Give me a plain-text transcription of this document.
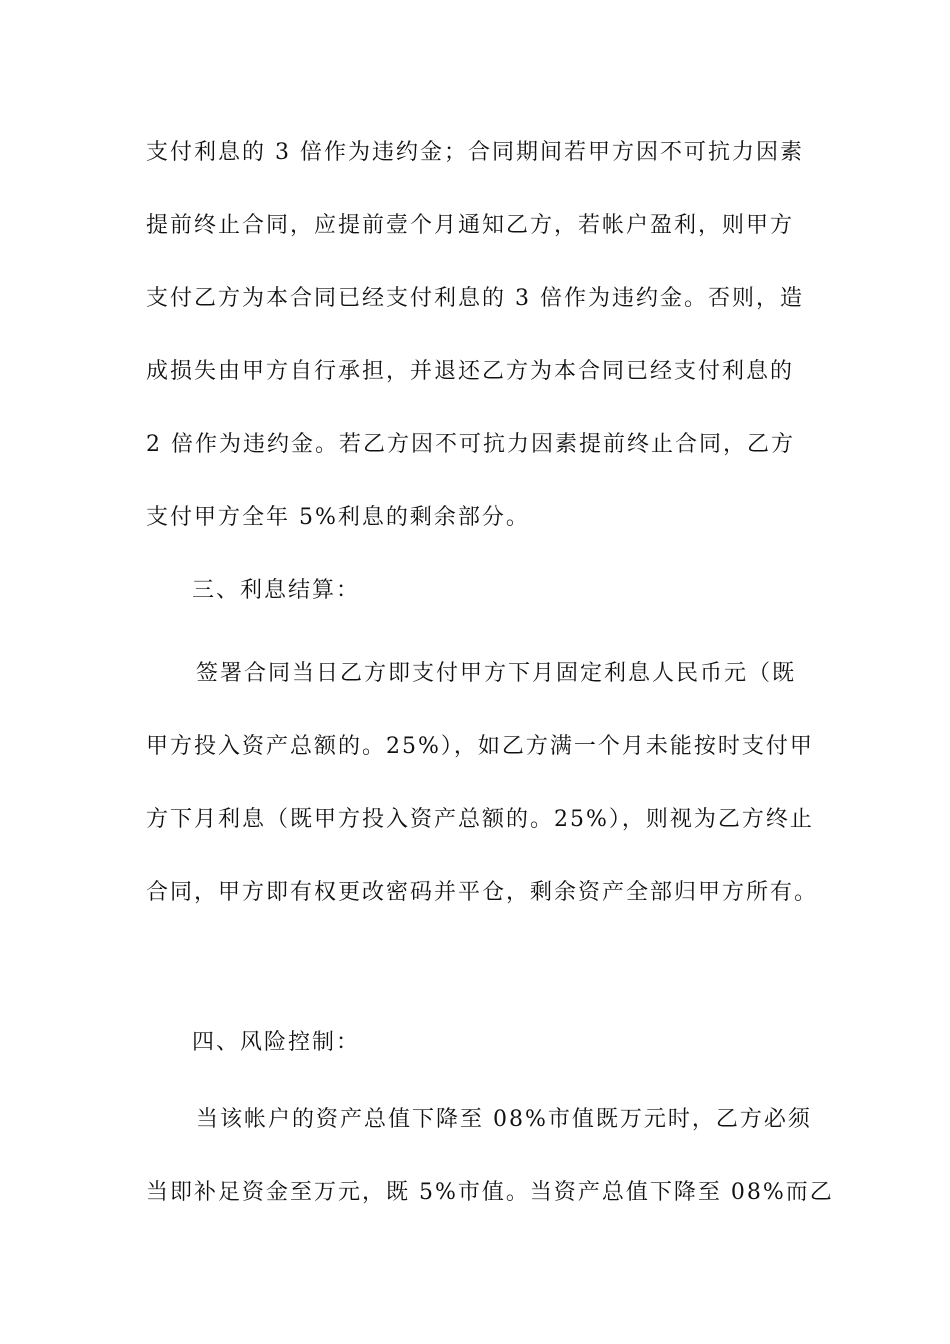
支付利息的 3 倍作为违约金；合同期间若甲方因不可抗力因素
提前终止合同，应提前壹个月通知乙方，若帐户盈利，则甲方
支付乙方为本合同已经支付利息的 3 倍作为违约金。否则，造
成损失由甲方自行承担，并退还乙方为本合同已经支付利息的
2 倍作为违约金。若乙方因不可抗力因素提前终止合同，乙方
支付甲方全年 5%利息的剩余部分。
三、利息结算：
签署合同当日乙方即支付甲方下月固定利息人民币元（既
甲方投入资产总额的。25%），如乙方满一个月未能按时支付甲
方下月利息（既甲方投入资产总额的。25%），则视为乙方终止
合同，甲方即有权更改密码并平仓，剩余资产全部归甲方所有。
四、风险控制：
当该帐户的资产总值下降至 08%市值既万元时，乙方必须
当即补足资金至万元，既 5%市值。当资产总值下降至 08%而乙
